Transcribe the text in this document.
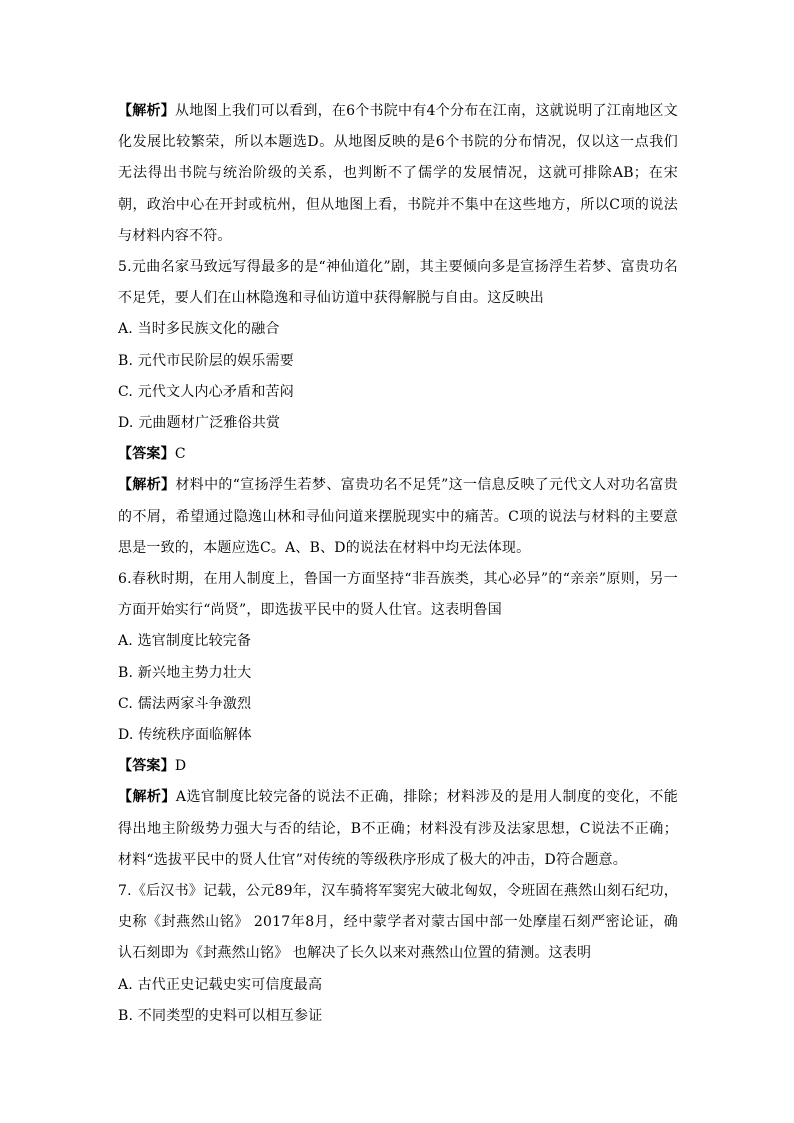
【解析】从地图上我们可以看到，在6个书院中有4个分布在江南，这就说明了江南地区文化发展比较繁荣，所以本题选D。从地图反映的是6个书院的分布情况，仅以这一点我们无法得出书院与统治阶级的关系，也判断不了儒学的发展情况，这就可排除AB；在宋朝，政治中心在开封或杭州，但从地图上看，书院并不集中在这些地方，所以C项的说法与材料内容不符。

5.元曲名家马致远写得最多的是“神仙道化”剧，其主要倾向多是宣扬浮生若梦、富贵功名不足凭，要人们在山林隐逸和寻仙访道中获得解脱与自由。这反映出

A. 当时多民族文化的融合

B. 元代市民阶层的娱乐需要

C. 元代文人内心矛盾和苦闷

D. 元曲题材广泛雅俗共赏

【答案】C

【解析】材料中的“宣扬浮生若梦、富贵功名不足凭”这一信息反映了元代文人对功名富贵的不屑，希望通过隐逸山林和寻仙问道来摆脱现实中的痛苦。C项的说法与材料的主要意思是一致的，本题应选C。A、B、D的说法在材料中均无法体现。

6.春秋时期，在用人制度上，鲁国一方面坚持“非吾族类，其心必异”的“亲亲”原则，另一方面开始实行“尚贤”，即选拔平民中的贤人仕官。这表明鲁国

A. 选官制度比较完备

B. 新兴地主势力壮大

C. 儒法两家斗争激烈

D. 传统秩序面临解体

【答案】D

【解析】A选官制度比较完备的说法不正确，排除；材料涉及的是用人制度的变化，不能得出地主阶级势力强大与否的结论，B不正确；材料没有涉及法家思想，C说法不正确；材料“选拔平民中的贤人仕官”对传统的等级秩序形成了极大的冲击，D符合题意。

7.《后汉书》记载，公元89年，汉车骑将军窦宪大破北匈奴，令班固在燕然山刻石纪功，史称《封燕然山铭》 2017年8月，经中蒙学者对蒙古国中部一处摩崖石刻严密论证，确认石刻即为《封燕然山铭》 也解决了长久以来对燕然山位置的猜测。这表明

A. 古代正史记载史实可信度最高

B. 不同类型的史料可以相互参证
